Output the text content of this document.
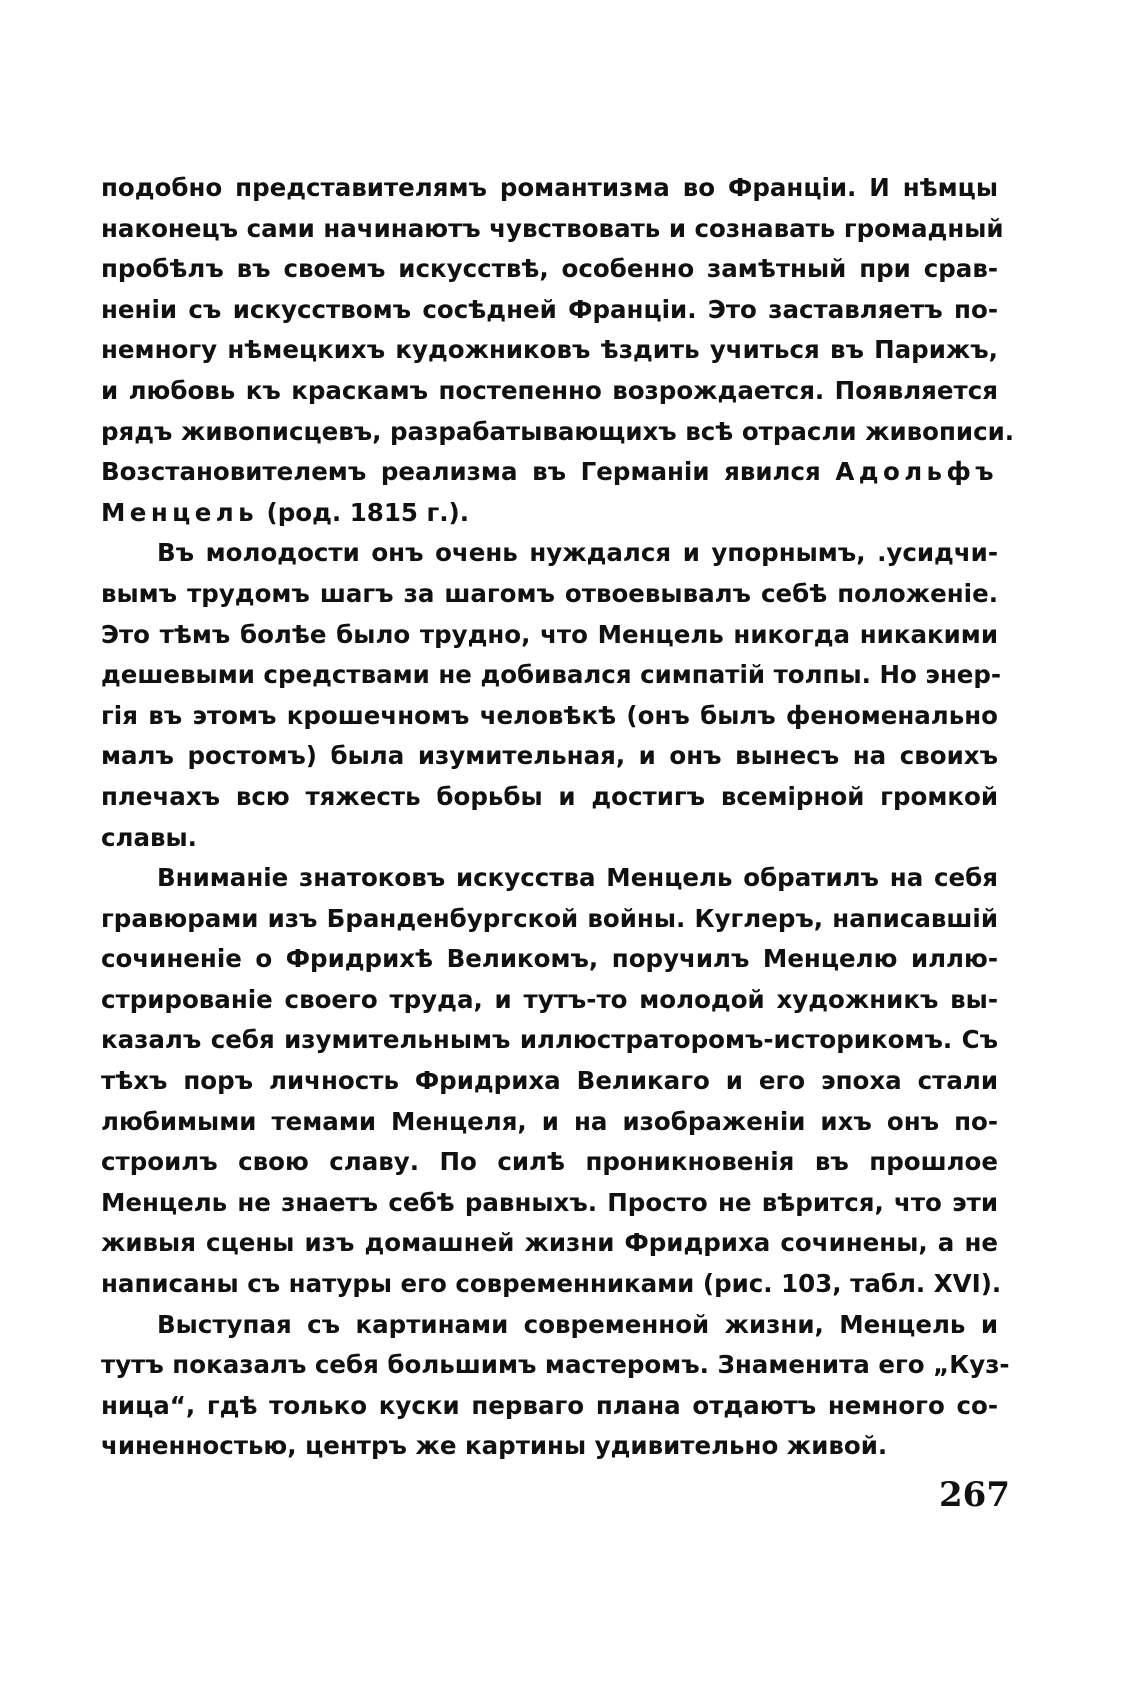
подобно представителямъ романтизма во Франціи. И нѣмцы
наконецъ сами начинаютъ чувствовать и сознавать громадный
пробѣлъ въ своемъ искусствѣ, особенно замѣтный при срав-
неніи съ искусствомъ сосѣдней Франціи. Это заставляетъ по-
немногу нѣмецкихъ кудожниковъ ѣздить учиться въ Парижъ,
и любовь къ краскамъ постепенно возрождается. Появляется
рядъ живописцевъ, разрабатывающихъ всѣ отрасли живописи.
Возстановителемъ реализма въ Германіи явился Адольфъ
Менцель (род. 1815 г.).
Въ молодости онъ очень нуждался и упорнымъ, .усидчи-
вымъ трудомъ шагъ за шагомъ отвоевывалъ себѣ положеніе.
Это тѣмъ болѣе было трудно, что Менцель никогда никакими
дешевыми средствами не добивался симпатій толпы. Но энер-
гія въ этомъ крошечномъ человѣкѣ (онъ былъ феноменально
малъ ростомъ) была изумительная, и онъ вынесъ на своихъ
плечахъ всю тяжесть борьбы и достигъ всемірной громкой
славы.
Вниманіе знатоковъ искусства Менцель обратилъ на себя
гравюрами изъ Бранденбургской войны. Куглеръ, написавшій
сочиненіе о Фридрихѣ Великомъ, поручилъ Менцелю иллю-
стрированіе своего труда, и тутъ-то молодой художникъ вы-
казалъ себя изумительнымъ иллюстраторомъ-историкомъ. Съ
тѣхъ поръ личность Фридриха Великаго и его эпоха стали
любимыми темами Менцеля, и на изображеніи ихъ онъ по-
строилъ свою славу. По силѣ проникновенія въ прошлое
Менцель не знаетъ себѣ равныхъ. Просто не вѣрится, что эти
живыя сцены изъ домашней жизни Фридриха сочинены, а не
написаны съ натуры его современниками (рис. 103, табл. XVI).
Выступая съ картинами современной жизни, Менцель и
тутъ показалъ себя большимъ мастеромъ. Знаменита его „Куз-
ница“, гдѣ только куски перваго плана отдаютъ немного со-
чиненностью, центръ же картины удивительно живой.
267
